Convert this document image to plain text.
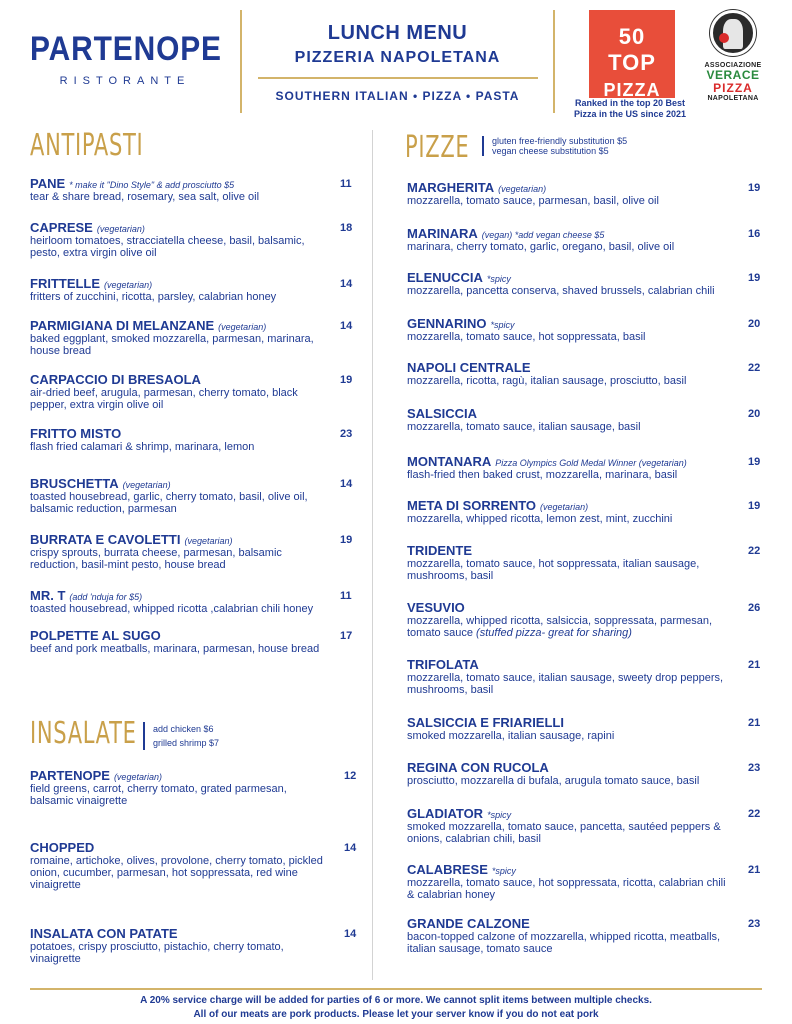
PARTENOPE
RISTORANTE
LUNCH MENU
PIZZERIA NAPOLETANA
SOUTHERN ITALIAN • PIZZA • PASTA
50
TOP
PIZZA
Ranked in the top 20 Best Pizza in the US since 2021
ASSOCIAZIONE
VERACE
PIZZA
NAPOLETANA
ANTIPASTI	PIZZE	gluten free-friendly substitution $5
vegan cheese substitution $5
INSALATE add chicken $6
grilled shrimp $7
PANE * make it "Dino Style" & add prosciutto $5
tear & share bread, rosemary, sea salt, olive oil
11
CAPRESE (vegetarian)
heirloom tomatoes, stracciatella cheese, basil, balsamic, pesto, extra virgin olive oil
18
FRITTELLE (vegetarian)
fritters of zucchini, ricotta, parsley, calabrian honey
14
PARMIGIANA DI MELANZANE (vegetarian)
baked eggplant, smoked mozzarella, parmesan, marinara, house bread
14
CARPACCIO DI BRESAOLA
air-dried beef, arugula, parmesan, cherry tomato, black pepper, extra virgin olive oil
19
FRITTO MISTO
flash fried calamari & shrimp, marinara, lemon
23
BRUSCHETTA (vegetarian)
toasted housebread, garlic, cherry tomato, basil, olive oil, balsamic reduction, parmesan
14
BURRATA E CAVOLETTI (vegetarian)
crispy sprouts, burrata cheese, parmesan, balsamic reduction, basil-mint pesto, house bread
19
MR. T (add 'nduja for $5)
toasted housebread, whipped ricotta ,calabrian chili honey
11
POLPETTE AL SUGO
beef and pork meatballs, marinara, parmesan, house bread
17
PARTENOPE (vegetarian)
field greens, carrot, cherry tomato, grated parmesan, balsamic vinaigrette
12
CHOPPED
romaine, artichoke, olives, provolone, cherry tomato, pickled onion, cucumber, parmesan, hot soppressata, red wine vinaigrette
14
INSALATA CON PATATE
potatoes, crispy prosciutto, pistachio, cherry tomato, vinaigrette
14
MARGHERITA (vegetarian)
mozzarella, tomato sauce, parmesan, basil, olive oil
19
MARINARA (vegan) *add vegan cheese $5
marinara, cherry tomato, garlic, oregano, basil, olive oil
16
ELENUCCIA *spicy
mozzarella, pancetta conserva, shaved brussels, calabrian chili
19
GENNARINO *spicy
mozzarella, tomato sauce, hot soppressata, basil
20
NAPOLI CENTRALE
mozzarella, ricotta, ragù, italian sausage, prosciutto, basil
22
SALSICCIA
mozzarella, tomato sauce, italian sausage, basil
20
MONTANARA Pizza Olympics Gold Medal Winner (vegetarian)
flash-fried then baked crust, mozzarella, marinara, basil
19
META DI SORRENTO (vegetarian)
mozzarella, whipped ricotta, lemon zest, mint, zucchini
19
TRIDENTE
mozzarella, tomato sauce, hot soppressata, italian sausage, mushrooms, basil
22
VESUVIO
mozzarella, whipped ricotta, salsiccia, soppressata, parmesan, tomato sauce (stuffed pizza- great for sharing)
26
TRIFOLATA
mozzarella, tomato sauce, italian sausage, sweety drop peppers, mushrooms, basil
21
SALSICCIA E FRIARIELLI
smoked mozzarella, italian sausage, rapini
21
REGINA CON RUCOLA
prosciutto, mozzarella di bufala, arugula tomato sauce, basil
23
GLADIATOR *spicy
smoked mozzarella, tomato sauce, pancetta, sautéed peppers & onions, calabrian chili, basil
22
CALABRESE *spicy
mozzarella, tomato sauce, hot soppressata, ricotta, calabrian chili & calabrian honey
21
GRANDE CALZONE
bacon-topped calzone of mozzarella, whipped ricotta, meatballs, italian sausage, tomato sauce
23
A 20% service charge will be added for parties of 6 or more. We cannot split items between multiple checks.
All of our meats are pork products. Please let your server know if you do not eat pork
